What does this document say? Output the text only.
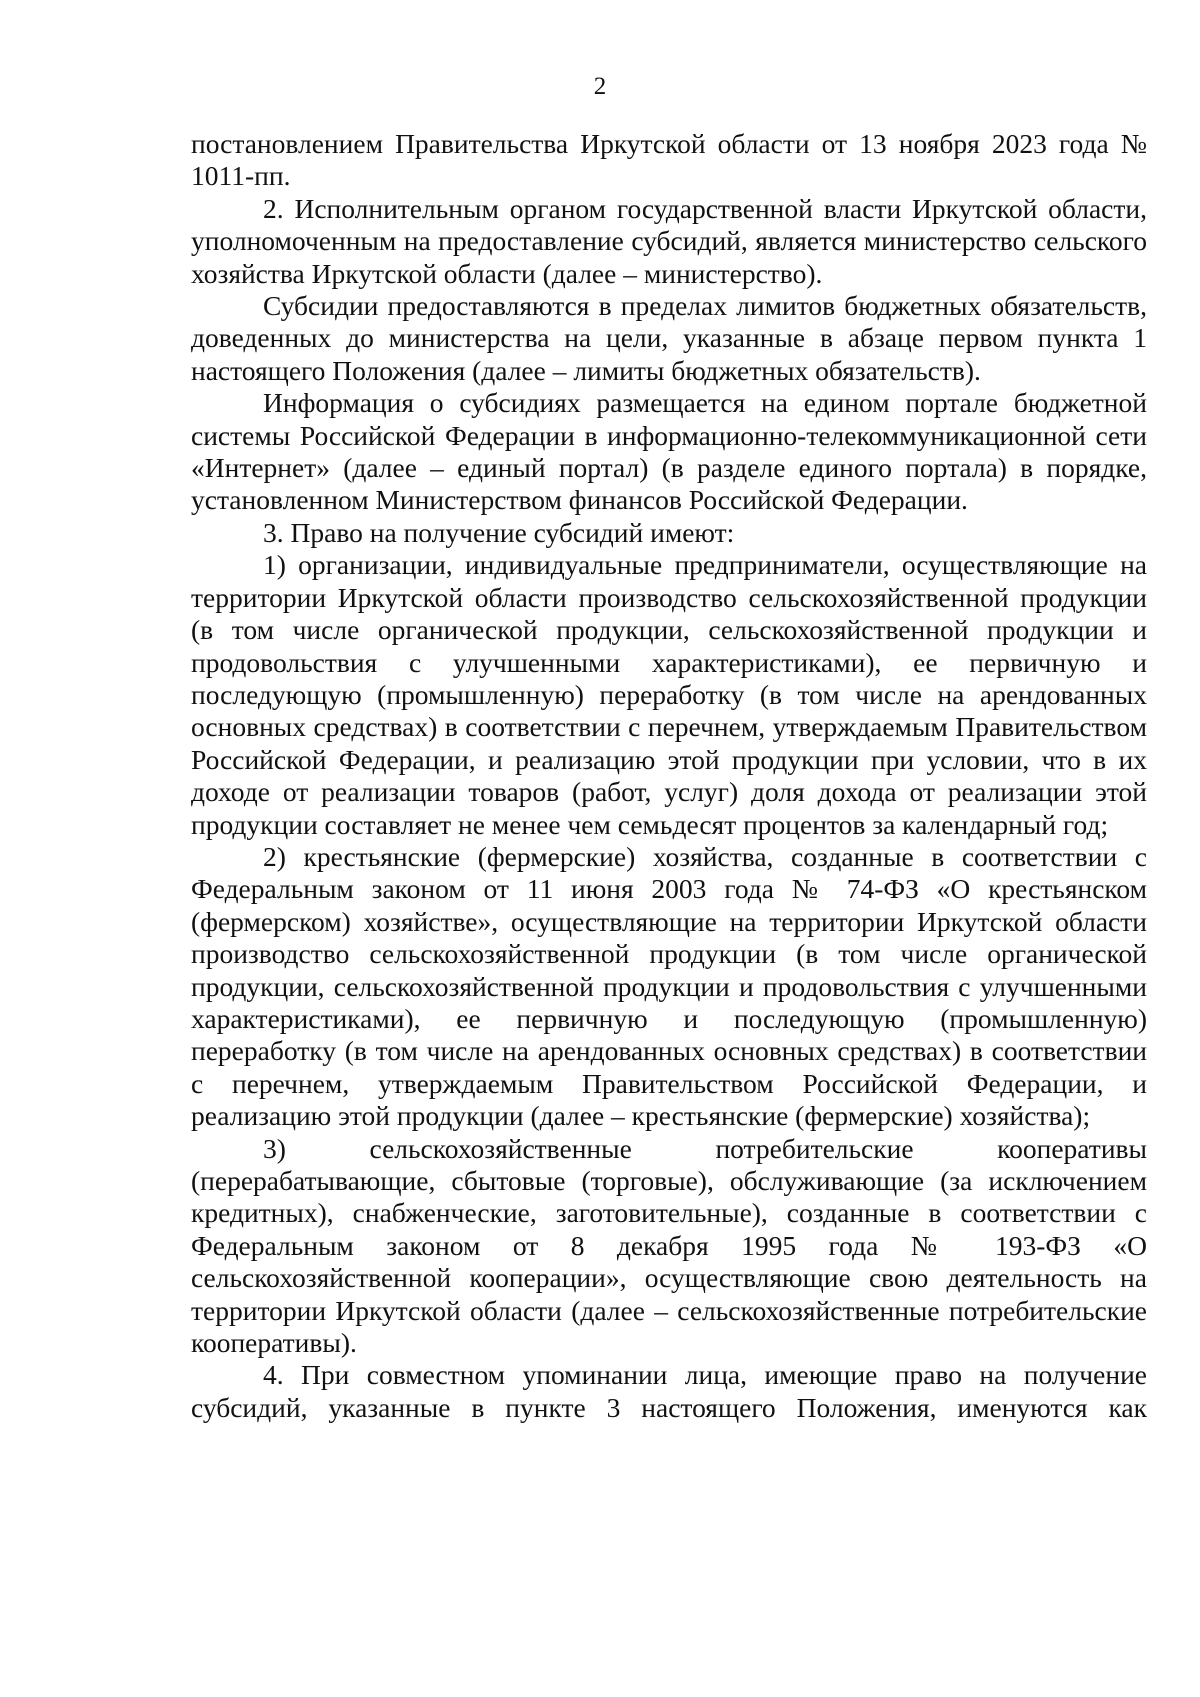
2

постановлением Правительства Иркутской области от 13 ноября 2023 года № 1011-пп.

2. Исполнительным органом государственной власти Иркутской области, уполномоченным на предоставление субсидий, является министерство сельского хозяйства Иркутской области (далее – министерство).

Субсидии предоставляются в пределах лимитов бюджетных обязательств, доведенных до министерства на цели, указанные в абзаце первом пункта 1 настоящего Положения (далее – лимиты бюджетных обязательств).

Информация о субсидиях размещается на едином портале бюджетной системы Российской Федерации в информационно-телекоммуникационной сети «Интернет» (далее – единый портал) (в разделе единого портала) в порядке, установленном Министерством финансов Российской Федерации.

3. Право на получение субсидий имеют:

1) организации, индивидуальные предприниматели, осуществляющие на территории Иркутской области производство сельскохозяйственной продукции (в том числе органической продукции, сельскохозяйственной продукции и продовольствия с улучшенными характеристиками), ее первичную и последующую (промышленную) переработку (в том числе на арендованных основных средствах) в соответствии с перечнем, утверждаемым Правительством Российской Федерации, и реализацию этой продукции при условии, что в их доходе от реализации товаров (работ, услуг) доля дохода от реализации этой продукции составляет не менее чем семьдесят процентов за календарный год;

2) крестьянские (фермерские) хозяйства, созданные в соответствии с Федеральным законом от 11 июня 2003 года № 74-ФЗ «О крестьянском (фермерском) хозяйстве», осуществляющие на территории Иркутской области производство сельскохозяйственной продукции (в том числе органической продукции, сельскохозяйственной продукции и продовольствия с улучшенными характеристиками), ее первичную и последующую (промышленную) переработку (в том числе на арендованных основных средствах) в соответствии с перечнем, утверждаемым Правительством Российской Федерации, и реализацию этой продукции (далее – крестьянские (фермерские) хозяйства);

3) сельскохозяйственные потребительские кооперативы (перерабатывающие, сбытовые (торговые), обслуживающие (за исключением кредитных), снабженческие, заготовительные), созданные в соответствии с Федеральным законом от 8 декабря 1995 года № 193-ФЗ «О сельскохозяйственной кооперации», осуществляющие свою деятельность на территории Иркутской области (далее – сельскохозяйственные потребительские кооперативы).

4. При совместном упоминании лица, имеющие право на получение субсидий, указанные в пункте 3 настоящего Положения, именуются как
